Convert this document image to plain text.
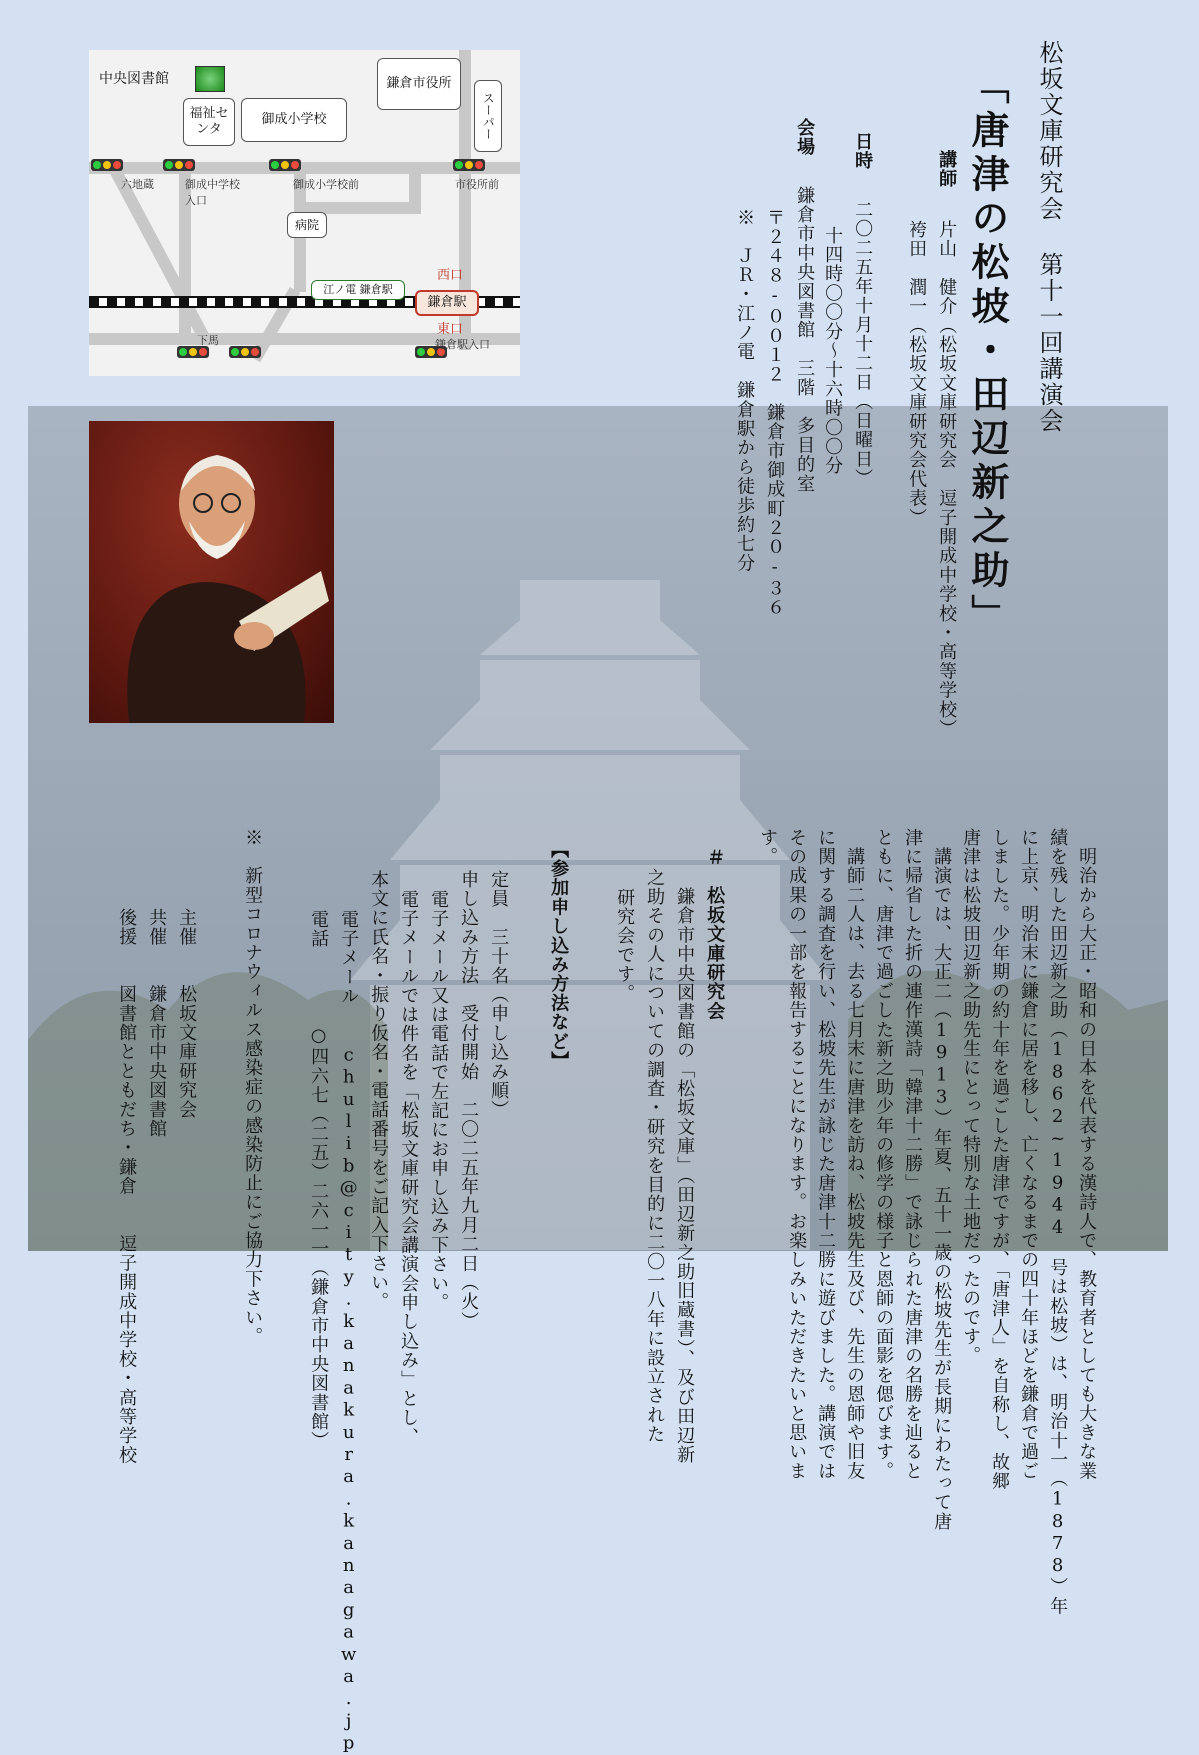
中央図書館
福祉センタ
御成小学校
鎌倉市役所
スーパー
病院
江ノ電 鎌倉駅
鎌倉駅
西口
東口
六地蔵	御成中学校入口
御成小学校前	市役所前
下馬	鎌倉駅入口	松坂文庫研究会 第十一回講演会
「唐津の松坡・田辺新之助」
講師
片山　健介（松坂文庫研究会　逗子開成中学校・高等学校）
袴田　潤一（松坂文庫研究会代表）
日時
二〇二五年十月十二日（日曜日）
十四時〇〇分～十六時〇〇分
会場
鎌倉市中央図書館　三階　多目的室
〒２４８-００１２　鎌倉市御成町２０-３６
※　ＪＲ・江ノ電　鎌倉駅から徒歩約七分
　明治から大正・昭和の日本を代表する漢詩人で、教育者としても大きな業
績を残した田辺新之助（1862~1944　号は松坡）は、明治十一（1878）年
に上京、明治末に鎌倉に居を移し、亡くなるまでの四十年ほどを鎌倉で過ご
しました。少年期の約十年を過ごした唐津ですが、「唐津人」を自称し、故郷
唐津は松坡田辺新之助先生にとって特別な土地だったのです。
　講演では、大正二（1913）年夏、五十一歳の松坡先生が長期にわたって唐
津に帰省した折の連作漢詩「韓津十二勝」で詠じられた唐津の名勝を辿ると
ともに、唐津で過ごした新之助少年の修学の様子と恩師の面影を偲びます。
　講師二人は、去る七月末に唐津を訪ね、松坡先生及び、先生の恩師や旧友
に関する調査を行い、松坡先生が詠じた唐津十二勝に遊びました。講演では
その成果の一部を報告することになります。お楽しみいただきたいと思いま
す。
＃　松坂文庫研究会
　鎌倉市中央図書館の「松坂文庫」（田辺新之助旧蔵書）、及び田辺新
之助その人についての調査・研究を目的に二〇一八年に設立された
研究会です。
【参加申し込み方法など】
定員　三十名（申し込み順）
申し込み方法　受付開始　二〇二五年九月二日（火）
電子メール又は電話で左記にお申し込み下さい。
電子メールでは件名を「松坂文庫研究会講演会申し込み」とし、
本文に氏名・振り仮名・電話番号をご記入下さい。
電子メール　　chulib@city.kanakura.kanagawa.jp
電話　　　　○四六七（二五）二六一一（鎌倉市中央図書館）
※　新型コロナウィルス感染症の感染防止にご協力下さい。
主催　　松坂文庫研究会
共催　　鎌倉市中央図書館
後援　　図書館とともだち・鎌倉　　逗子開成中学校・高等学校
